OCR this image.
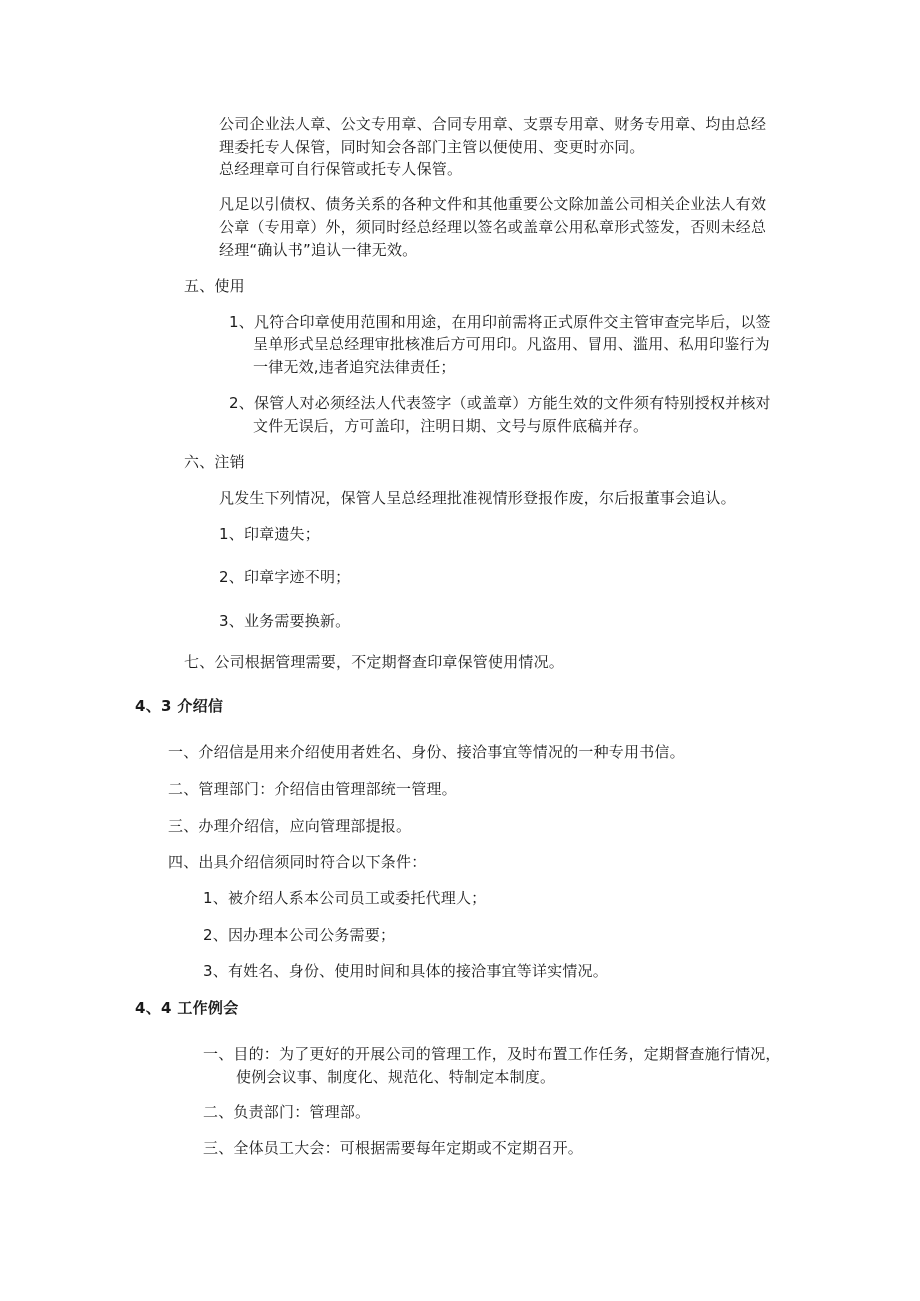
公司企业法人章、公文专用章、合同专用章、支票专用章、财务专用章、均由总经
理委托专人保管，同时知会各部门主管以便使用、变更时亦同。
总经理章可自行保管或托专人保管。
凡足以引债权、债务关系的各种文件和其他重要公文除加盖公司相关企业法人有效
公章（专用章）外，须同时经总经理以签名或盖章公用私章形式签发，否则未经总
经理“确认书”追认一律无效。
五、使用
1、凡符合印章使用范围和用途，在用印前需将正式原件交主管审查完毕后，以签
呈单形式呈总经理审批核准后方可用印。凡盗用、冒用、滥用、私用印鉴行为
一律无效,违者追究法律责任；
2、保管人对必须经法人代表签字（或盖章）方能生效的文件须有特别授权并核对
文件无误后，方可盖印，注明日期、文号与原件底稿并存。
六、注销
凡发生下列情况，保管人呈总经理批准视情形登报作废，尔后报董事会追认。
1、印章遗失；
2、印章字迹不明；
3、业务需要换新。
七、公司根据管理需要，不定期督查印章保管使用情况。
4、3 介绍信
一、介绍信是用来介绍使用者姓名、身份、接洽事宜等情况的一种专用书信。
二、管理部门：介绍信由管理部统一管理。
三、办理介绍信，应向管理部提报。
四、出具介绍信须同时符合以下条件：
1、被介绍人系本公司员工或委托代理人；
2、因办理本公司公务需要；
3、有姓名、身份、使用时间和具体的接洽事宜等详实情况。
4、4 工作例会
一、目的：为了更好的开展公司的管理工作，及时布置工作任务，定期督查施行情况，
使例会议事、制度化、规范化、特制定本制度。
二、负责部门：管理部。
三、全体员工大会：可根据需要每年定期或不定期召开。
